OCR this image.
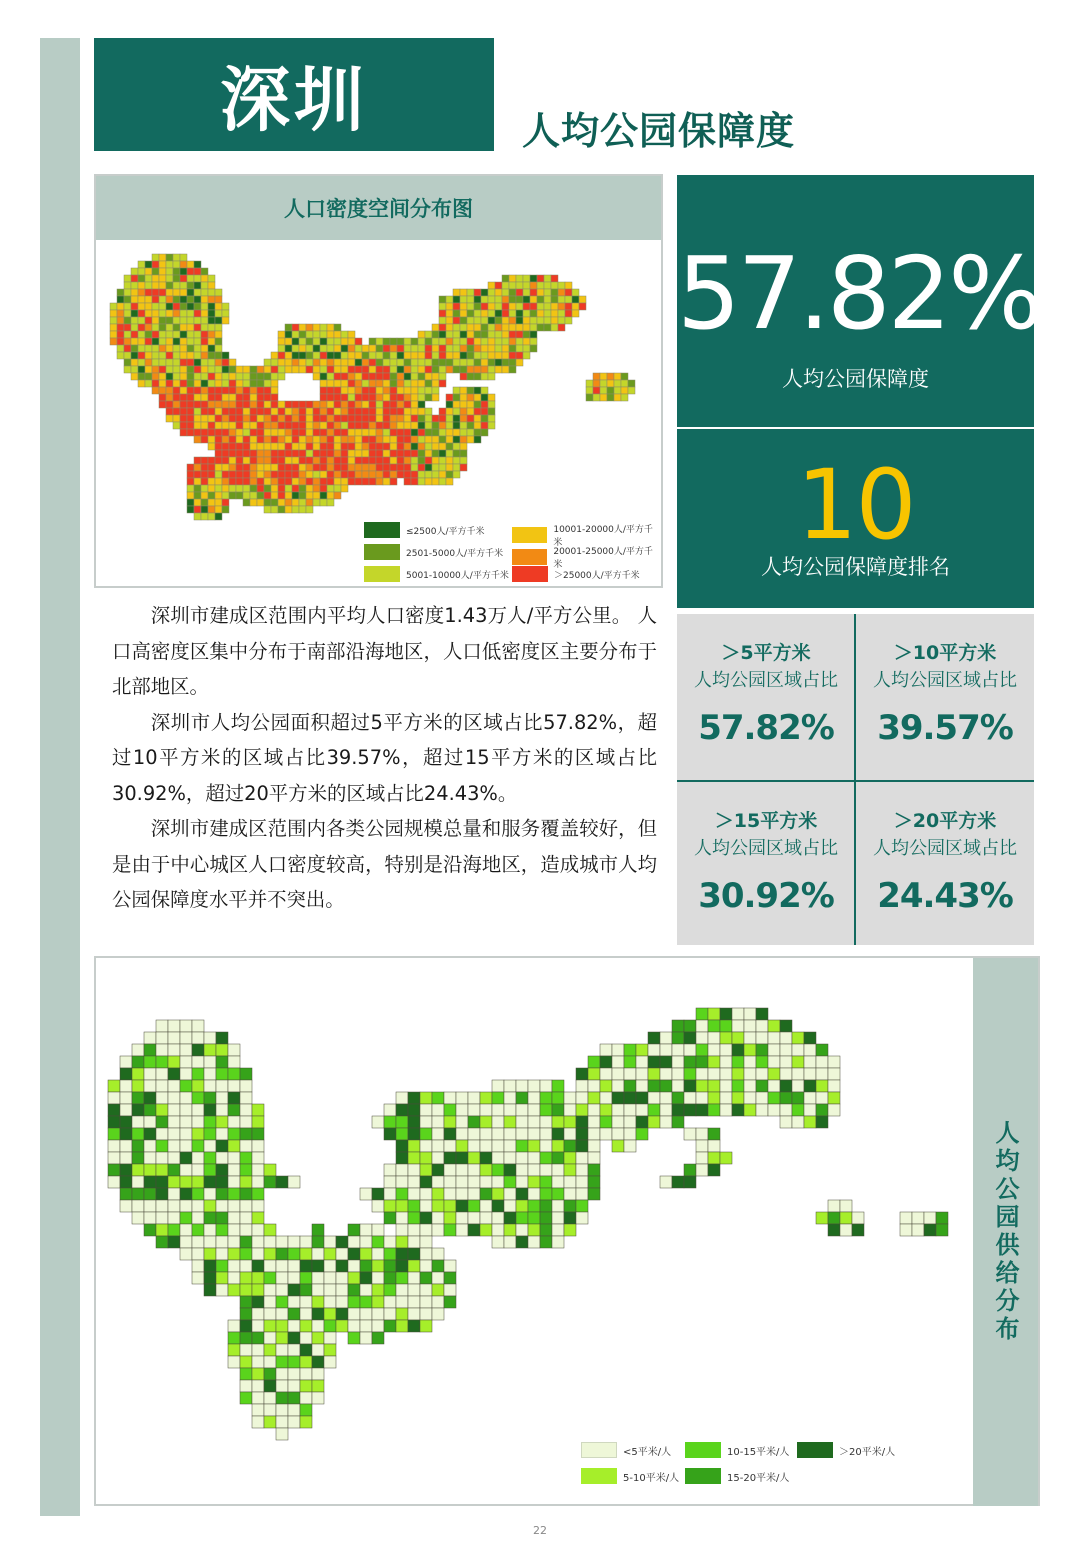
深圳	人均公园保障度
人口密度空间分布图
≤2500人/平方千米
2501-5000人/平方千米
5001-10000人/平方千米
10001-20000人/平方千米
20001-25000人/平方千米
＞25000人/平方千米

深圳市建成区范围内平均人口密度1.43万人/平方公里。 人口高密度区集中分布于南部沿海地区，人口低密度区主要分布于北部地区。

深圳市人均公园面积超过5平方米的区域占比57.82%，超过10平方米的区域占比39.57%，超过15平方米的区域占比30.92%，超过20平方米的区域占比24.43%。

深圳市建成区范围内各类公园规模总量和服务覆盖较好，但是由于中心城区人口密度较高，特别是沿海地区，造成城市人均公园保障度水平并不突出。

57.82%
人均公园保障度
10
人均公园保障度排名
＞5平方米
人均公园区域占比
57.82%
＞10平方米
人均公园区域占比
39.57%
＞15平方米
人均公园区域占比
30.92%
＞20平方米
人均公园区域占比
24.43%
<5平米/人
5-10平米/人
10-15平米/人
15-20平米/人
＞20平米/人
人均公园供给分布
22
